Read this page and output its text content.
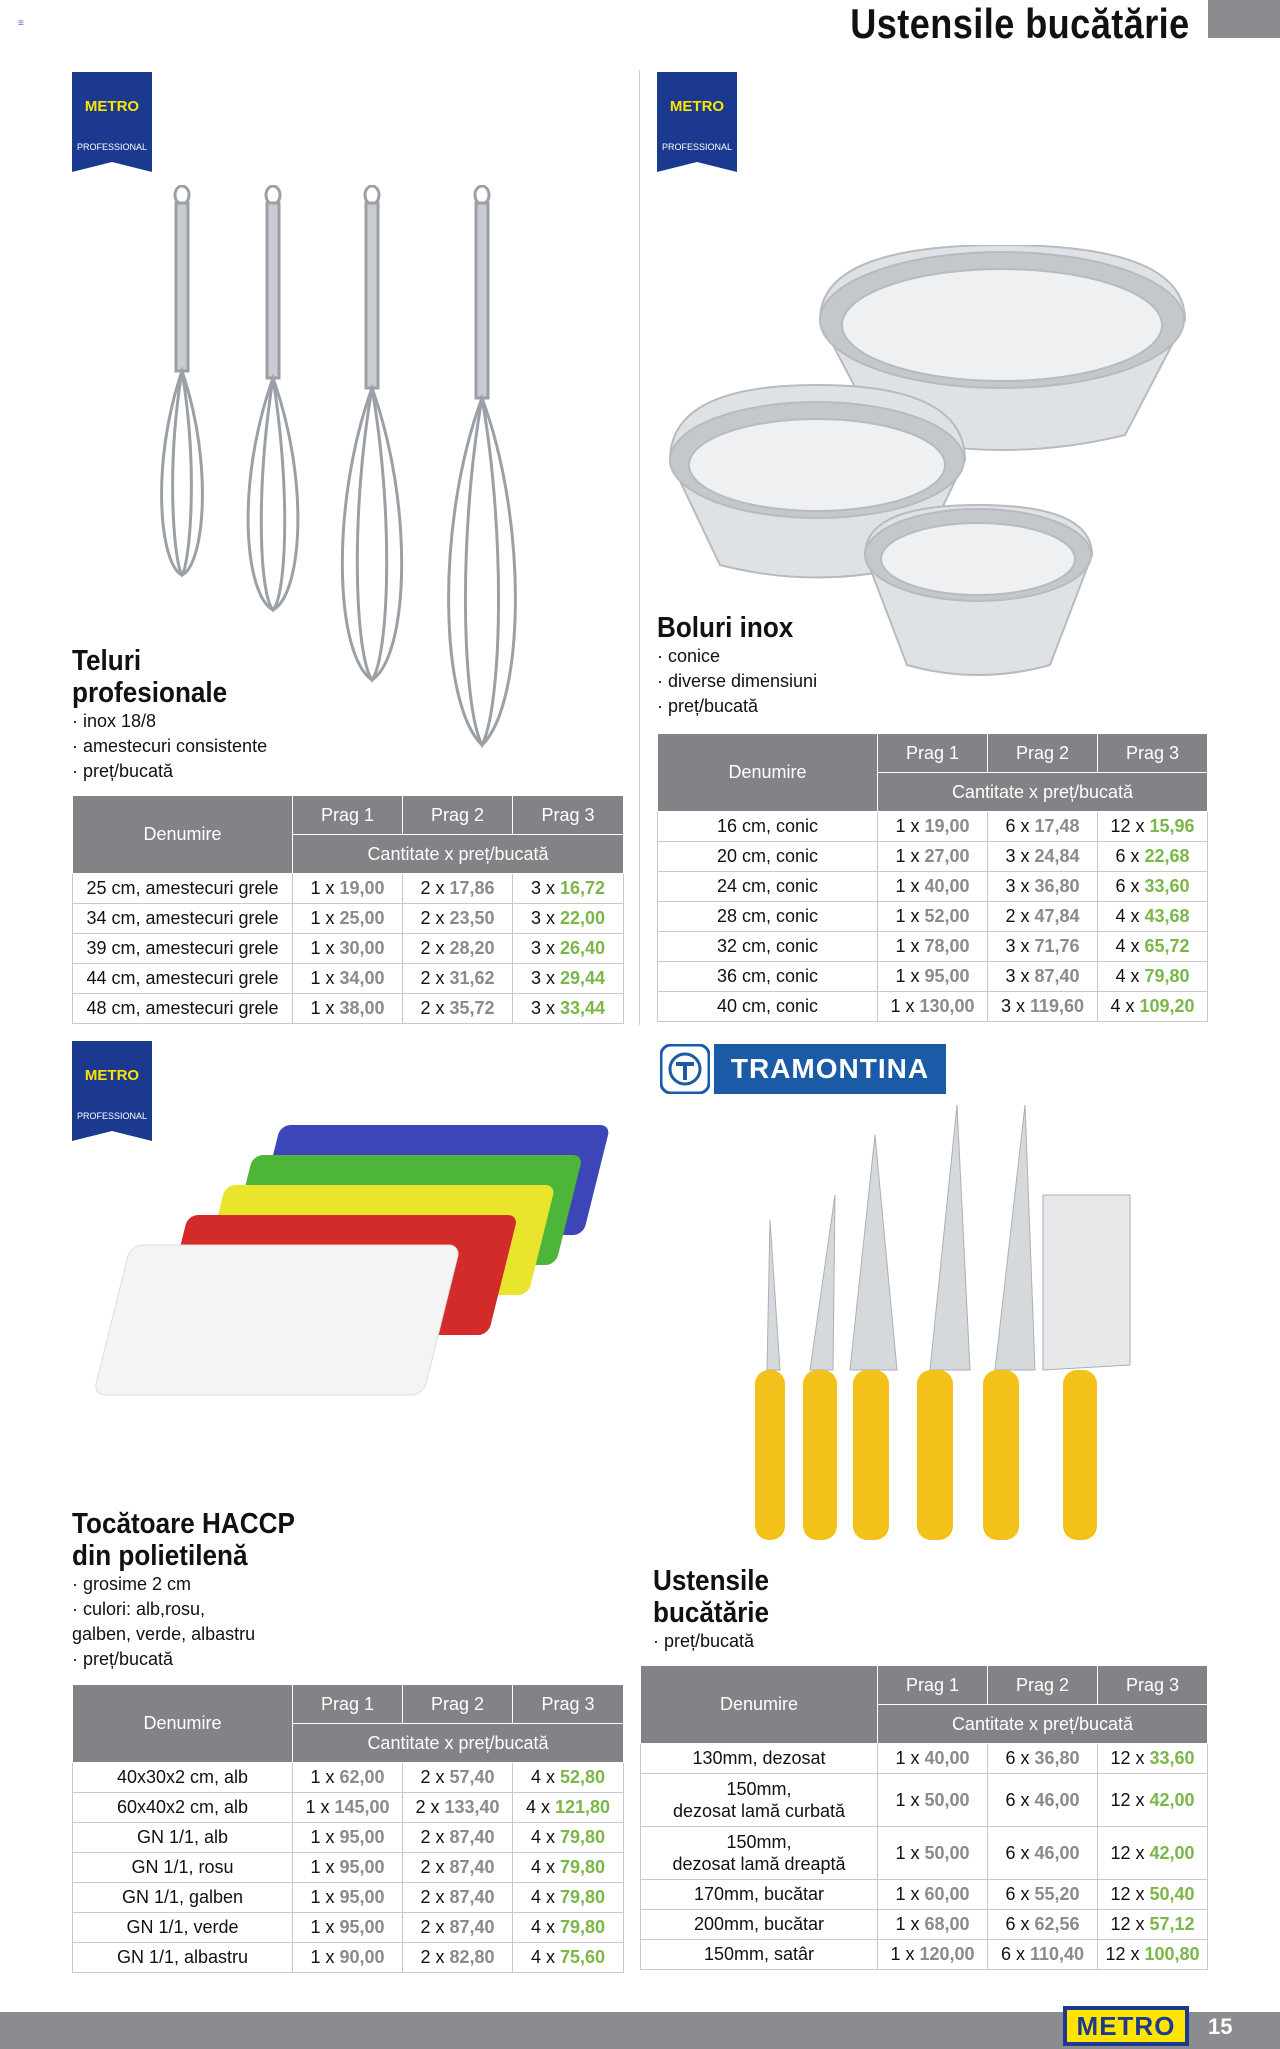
≡	Ustensile bucătărie
METRO
PROFESSIONAL
METRO
PROFESSIONAL
METRO
PROFESSIONAL
TRAMONTINA
Teluri
profesionale
· inox 18/8
· amestecuri consistente
· preț/bucată
Denumire	Prag 1	Prag 2	Prag 3
	Cantitate x preț/bucată		
25 cm, amestecuri grele	1 x 19,00	2 x 17,86	3 x 16,72
34 cm, amestecuri grele	1 x 25,00	2 x 23,50	3 x 22,00
39 cm, amestecuri grele	1 x 30,00	2 x 28,20	3 x 26,40
44 cm, amestecuri grele	1 x 34,00	2 x 31,62	3 x 29,44
48 cm, amestecuri grele	1 x 38,00	2 x 35,72	3 x 33,44
Boluri inox
· conice
· diverse dimensiuni
· preț/bucată
Denumire	Prag 1	Prag 2	Prag 3
	Cantitate x preț/bucată		
16 cm, conic	1 x 19,00	6 x 17,48	12 x 15,96
20 cm, conic	1 x 27,00	3 x 24,84	6 x 22,68
24 cm, conic	1 x 40,00	3 x 36,80	6 x 33,60
28 cm, conic	1 x 52,00	2 x 47,84	4 x 43,68
32 cm, conic	1 x 78,00	3 x 71,76	4 x 65,72
36 cm, conic	1 x 95,00	3 x 87,40	4 x 79,80
40 cm, conic	1 x 130,00	3 x 119,60	4 x 109,20
Tocătoare HACCP
din polietilenă
· grosime 2 cm
· culori: alb,rosu,
galben, verde, albastru
· preț/bucată
Denumire	Prag 1	Prag 2	Prag 3
	Cantitate x preț/bucată		
40x30x2 cm, alb	1 x 62,00	2 x 57,40	4 x 52,80
60x40x2 cm, alb	1 x 145,00	2 x 133,40	4 x 121,80
GN 1/1, alb	1 x 95,00	2 x 87,40	4 x 79,80
GN 1/1, rosu	1 x 95,00	2 x 87,40	4 x 79,80
GN 1/1, galben	1 x 95,00	2 x 87,40	4 x 79,80
GN 1/1, verde	1 x 95,00	2 x 87,40	4 x 79,80
GN 1/1, albastru	1 x 90,00	2 x 82,80	4 x 75,60
Ustensile
bucătărie
· preț/bucată
Denumire	Prag 1	Prag 2	Prag 3
	Cantitate x preț/bucată		
130mm, dezosat	1 x 40,00	6 x 36,80	12 x 33,60
150mm,
dezosat lamă curbată	1 x 50,00	6 x 46,00	12 x 42,00
150mm,
dezosat lamă dreaptă	1 x 50,00	6 x 46,00	12 x 42,00
170mm, bucătar	1 x 60,00	6 x 55,20	12 x 50,40
200mm, bucătar	1 x 68,00	6 x 62,56	12 x 57,12
150mm, satâr	1 x 120,00	6 x 110,40	12 x 100,80
METRO	15
